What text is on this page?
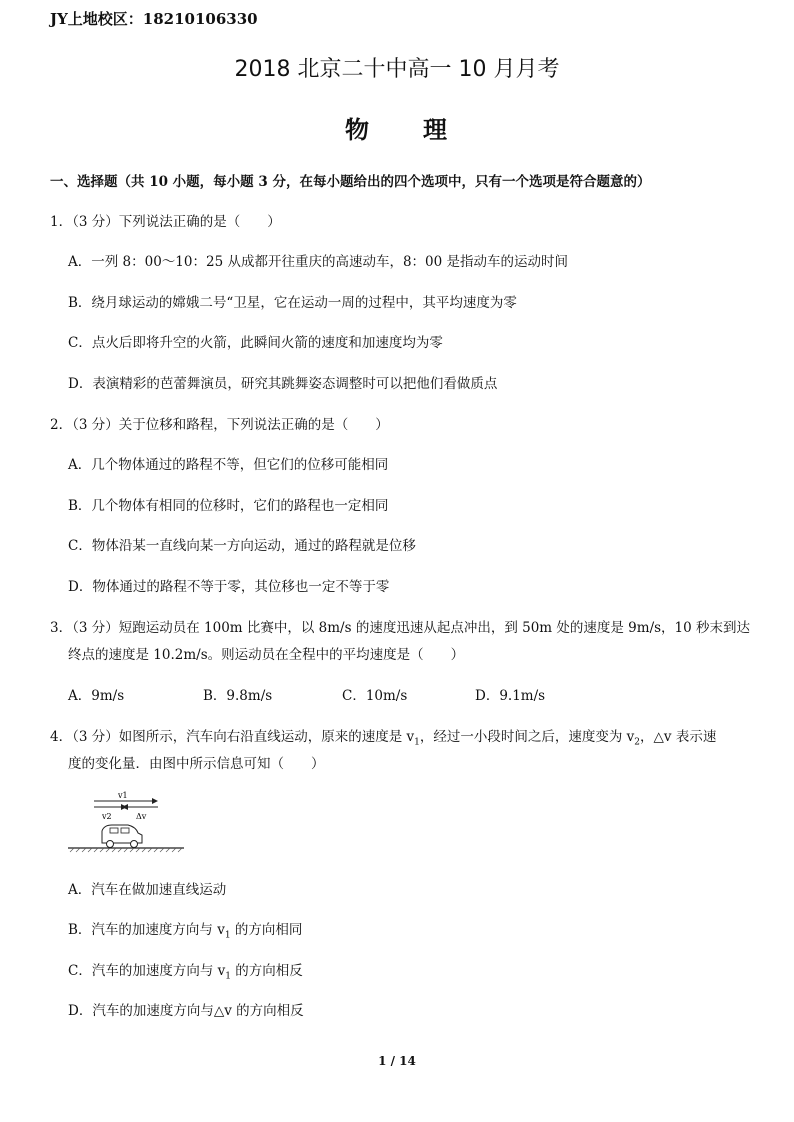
JY上地校区：18210106330
2018 北京二十中高一 10 月月考
物　　理
一、选择题（共 10 小题，每小题 3 分，在每小题给出的四个选项中，只有一个选项是符合题意的）
1．（3 分）下列说法正确的是（　　）
A．一列 8：00～10：25 从成都开往重庆的高速动车，8：00 是指动车的运动时间
B．绕月球运动的嫦娥二号“卫星，它在运动一周的过程中，其平均速度为零
C．点火后即将升空的火箭，此瞬间火箭的速度和加速度均为零
D．表演精彩的芭蕾舞演员，研究其跳舞姿态调整时可以把他们看做质点
2．（3 分）关于位移和路程，下列说法正确的是（　　）
A．几个物体通过的路程不等，但它们的位移可能相同
B．几个物体有相同的位移时，它们的路程也一定相同
C．物体沿某一直线向某一方向运动，通过的路程就是位移
D．物体通过的路程不等于零，其位移也一定不等于零
3．（3 分）短跑运动员在 100m 比赛中，以 8m/s 的速度迅速从起点冲出，到 50m 处的速度是 9m/s，10 秒末到达
终点的速度是 10.2m/s。则运动员在全程中的平均速度是（　　）
A．9m/s	B．9.8m/s	C．10m/s	D．9.1m/s
4．（3 分）如图所示，汽车向右沿直线运动，原来的速度是 $v_1$，经过一小段时间之后，速度变为 $v_2$，△v 表示速
度的变化量．由图中所示信息可知（　　）
v1
v2	Δv
A．汽车在做加速直线运动
B．汽车的加速度方向与 $v_1$ 的方向相同
C．汽车的加速度方向与 $v_1$ 的方向相反
D．汽车的加速度方向与△v 的方向相反
1 / 14
